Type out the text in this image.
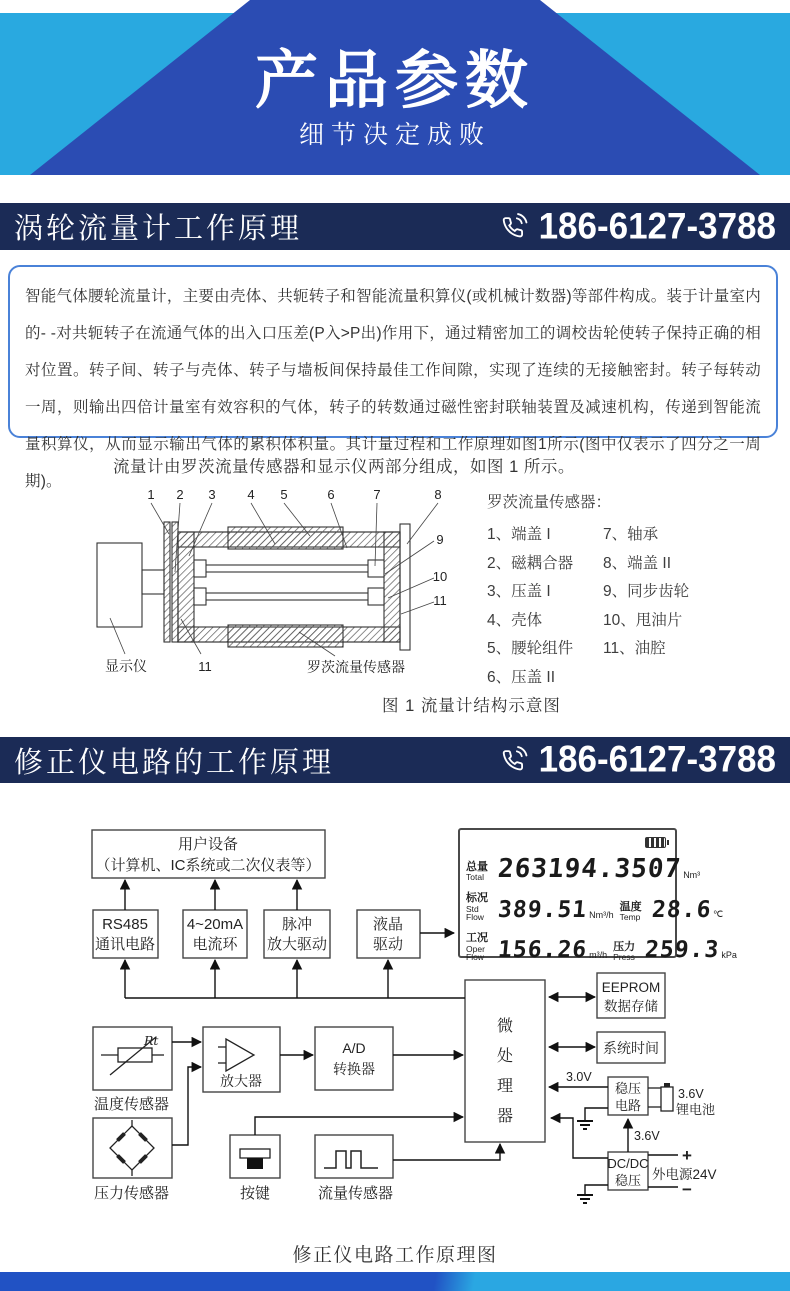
产品参数
细节决定成败
涡轮流量计工作原理	186-6127-3788
智能气体腰轮流量计，主要由壳体、共轭转子和智能流量积算仪(或机械计数器)等部件构成。装于计量室内的- -对共轭转子在流通气体的出入口压差(P入>P出)作用下，通过精密加工的调校齿轮使转子保持正确的相对位置。转子间、转子与壳体、转子与墙板间保持最佳工作间隙，实现了连续的无接触密封。转子每转动一周，则输出四倍计量室有效容积的气体，转子的转数通过磁性密封联轴装置及减速机构，传递到智能流量积算仪，从而显示输出气体的累积体积量。其计量过程和工作原理如图1所示(图中仅表示了四分之一周期)。
流量计由罗茨流量传感器和显示仪两部分组成，如图 1 所示。
1 2 3 4 5	6	7	8
9
10
11
11
显示仪	罗茨流量传感器
罗茨流量传感器：
1、端盖 I
2、磁耦合器
3、压盖 I
4、壳体
5、腰轮组件
6、压盖 II
7、轴承
8、端盖 II
9、同步齿轮
10、甩油片
11、油腔
图 1 流量计结构示意图
修正仪电路的工作原理	186-6127-3788
用户设备
（计算机、IC系统或二次仪表等）
RS485
通讯电路
4~20mA
电流环
脉冲
放大驱动
液晶
驱动
微
处
理
器
EEPROM
数据存储
系统时间
稳压
电路
DC/DC
稳压
放大器
A/D
转换器
按键
温度传感器
压力传感器	流量传感器
Rt
3.0V
3.6V
3.6V
锂电池
外电源24V
+
−
总量
Total 263194.3507 Nm³
标况
Std
Flow 389.51 Nm³/h
温度
Temp 28.6 ℃
工况
Oper
Flow 156.26 m³/h
压力
Press 259.3 kPa
修正仪电路工作原理图
